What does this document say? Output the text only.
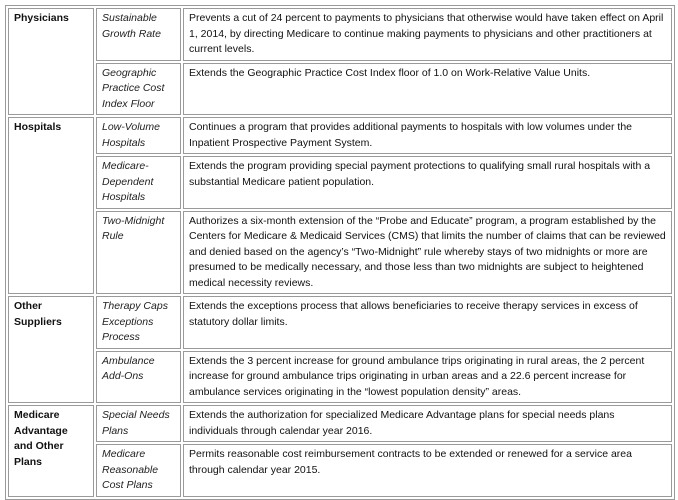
Physicians	Sustainable Growth Rate	Prevents a cut of 24 percent to payments to physicians that otherwise would have taken effect on April 1, 2014, by directing Medicare to continue making payments to physicians and other practitioners at current levels.
	Geographic Practice Cost Index Floor	Extends the Geographic Practice Cost Index floor of 1.0 on Work-Relative Value Units.
Hospitals	Low-Volume Hospitals	Continues a program that provides additional payments to hospitals with low volumes under the Inpatient Prospective Payment System.
	Medicare-Dependent Hospitals	Extends the program providing special payment protections to qualifying small rural hospitals with a substantial Medicare patient population.
	Two-Midnight Rule	Authorizes a six-month extension of the “Probe and Educate” program, a program established by the Centers for Medicare & Medicaid Services (CMS) that limits the number of claims that can be reviewed and denied based on the agency’s “Two-Midnight” rule whereby stays of two midnights or more are presumed to be medically necessary, and those less than two midnights are subject to heightened medical necessity reviews.
Other Suppliers	Therapy Caps Exceptions Process	Extends the exceptions process that allows beneficiaries to receive therapy services in excess of statutory dollar limits.
	Ambulance Add-Ons	Extends the 3 percent increase for ground ambulance trips originating in rural areas, the 2 percent increase for ground ambulance trips originating in urban areas and a 22.6 percent increase for ambulance services originating in the “lowest population density” areas.
Medicare Advantage and Other Plans	Special Needs Plans	Extends the authorization for specialized Medicare Advantage plans for special needs plans individuals through calendar year 2016.
	Medicare Reasonable Cost Plans	Permits reasonable cost reimbursement contracts to be extended or renewed for a service area through calendar year 2015.
